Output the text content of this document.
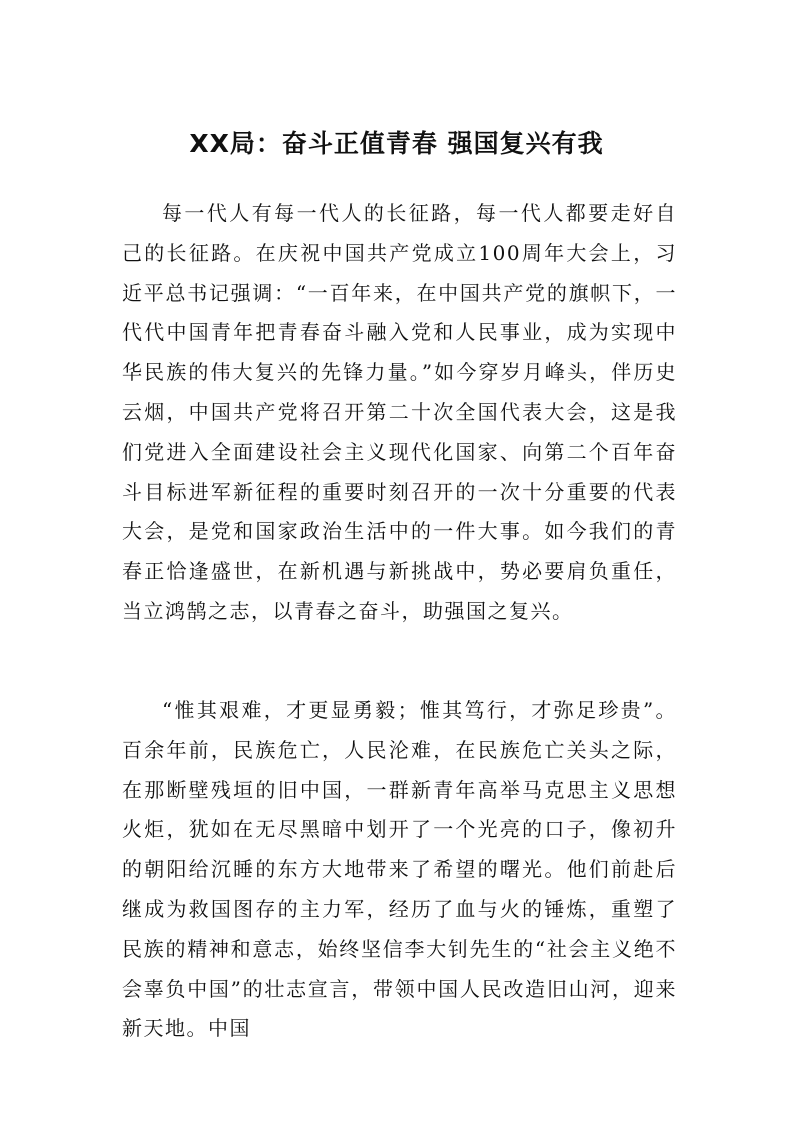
XX局：奋斗正值青春 强国复兴有我

每一代人有每一代人的长征路，每一代人都要走好自己的长征路。在庆祝中国共产党成立100周年大会上，习近平总书记强调：“一百年来，在中国共产党的旗帜下，一代代中国青年把青春奋斗融入党和人民事业，成为实现中华民族的伟大复兴的先锋力量。”如今穿岁月峰头，伴历史云烟，中国共产党将召开第二十次全国代表大会，这是我们党进入全面建设社会主义现代化国家、向第二个百年奋斗目标进军新征程的重要时刻召开的一次十分重要的代表大会，是党和国家政治生活中的一件大事。如今我们的青春正恰逢盛世，在新机遇与新挑战中，势必要肩负重任，当立鸿鹄之志，以青春之奋斗，助强国之复兴。

“惟其艰难，才更显勇毅；惟其笃行，才弥足珍贵”。百余年前，民族危亡，人民沦难，在民族危亡关头之际，在那断壁残垣的旧中国，一群新青年高举马克思主义思想火炬，犹如在无尽黑暗中划开了一个光亮的口子，像初升的朝阳给沉睡的东方大地带来了希望的曙光。他们前赴后继成为救国图存的主力军，经历了血与火的锤炼，重塑了民族的精神和意志，始终坚信李大钊先生的“社会主义绝不会辜负中国”的壮志宣言，带领中国人民改造旧山河，迎来新天地。中国
